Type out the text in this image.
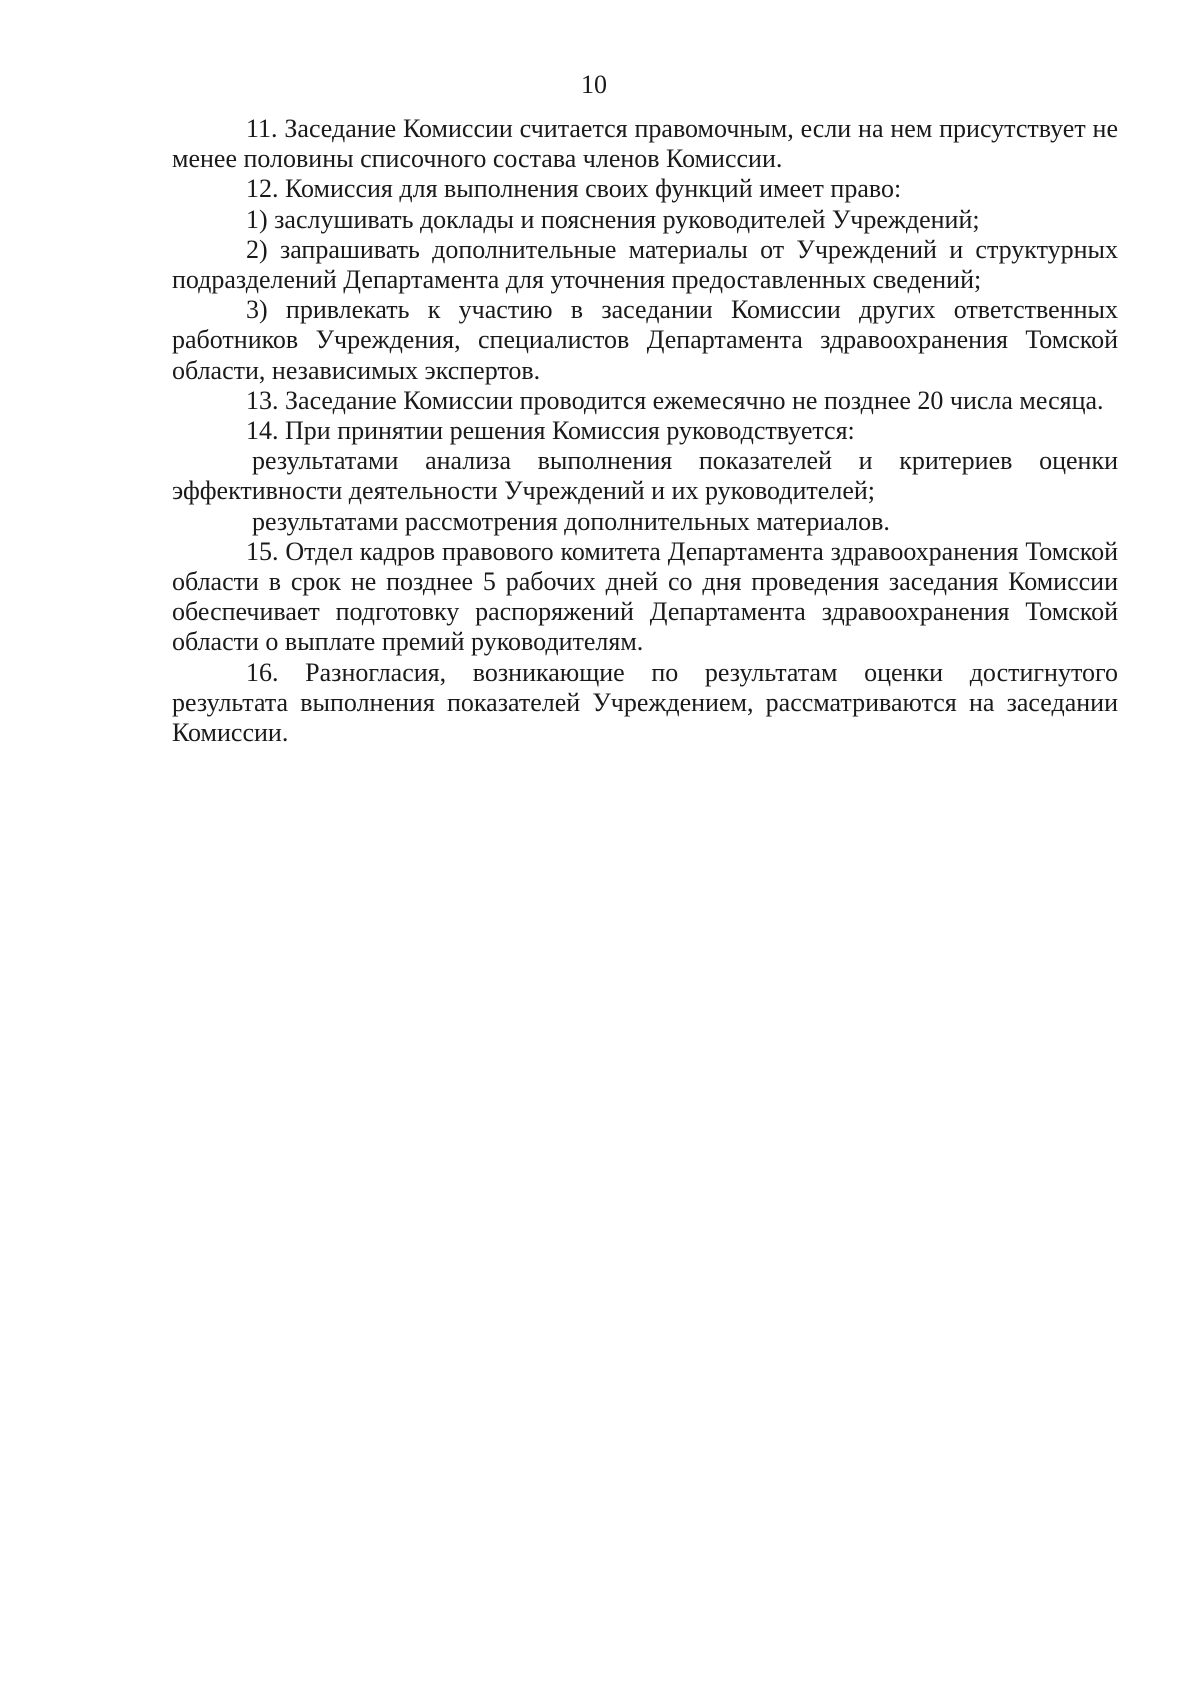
10

11. Заседание Комиссии считается правомочным, если на нем присутствует не менее половины списочного состава членов Комиссии.

12. Комиссия для выполнения своих функций имеет право:

1) заслушивать доклады и пояснения руководителей Учреждений;

2) запрашивать дополнительные материалы от Учреждений и структурных подразделений Департамента для уточнения предоставленных сведений;

3) привлекать к участию в заседании Комиссии других ответственных работников Учреждения, специалистов Департамента здравоохранения Томской области, независимых экспертов.

13. Заседание Комиссии проводится ежемесячно не позднее 20 числа месяца.

14. При принятии решения Комиссия руководствуется:

результатами анализа выполнения показателей и критериев оценки эффективности деятельности Учреждений и их руководителей;

результатами рассмотрения дополнительных материалов.

15. Отдел кадров правового комитета Департамента здравоохранения Томской области в срок не позднее 5 рабочих дней со дня проведения заседания Комиссии обеспечивает подготовку распоряжений Департамента здравоохранения Томской области о выплате премий руководителям.

16. Разногласия, возникающие по результатам оценки достигнутого результата выполнения показателей Учреждением, рассматриваются на заседании Комиссии.
